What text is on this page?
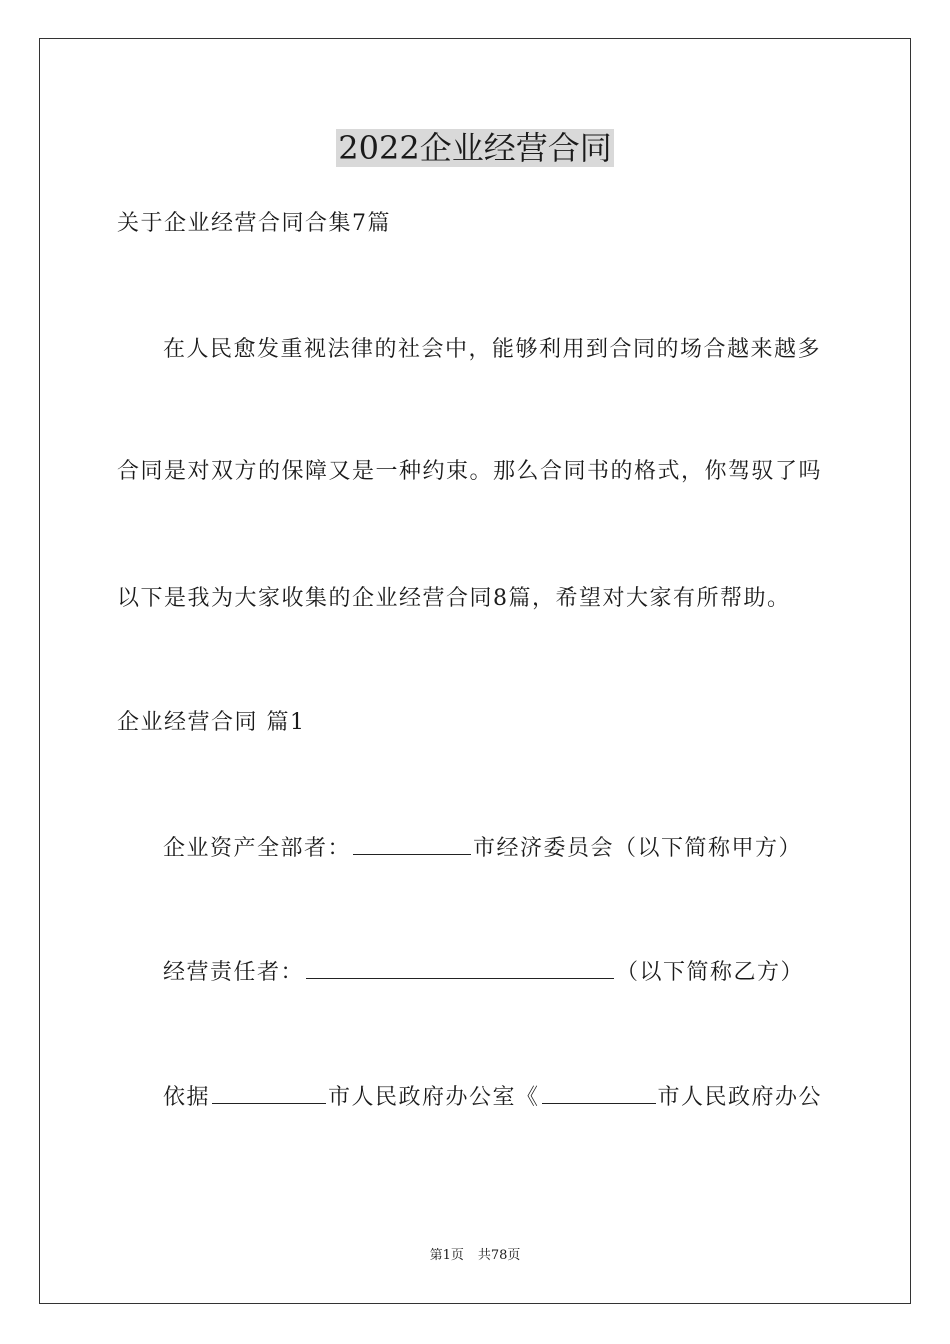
2022企业经营合同
关于企业经营合同合集7篇
在人民愈发重视法律的社会中，能够利用到合同的场合越来越多
合同是对双方的保障又是一种约束。那么合同书的格式，你驾驭了吗
以下是我为大家收集的企业经营合同8篇，希望对大家有所帮助。
企业经营合同 篇1
企业资产全部者：	市经济委员会（以下简称甲方）
经营责任者：	（以下简称乙方）
依据	市人民政府办公室《	市人民政府办公
第1页 共78页
